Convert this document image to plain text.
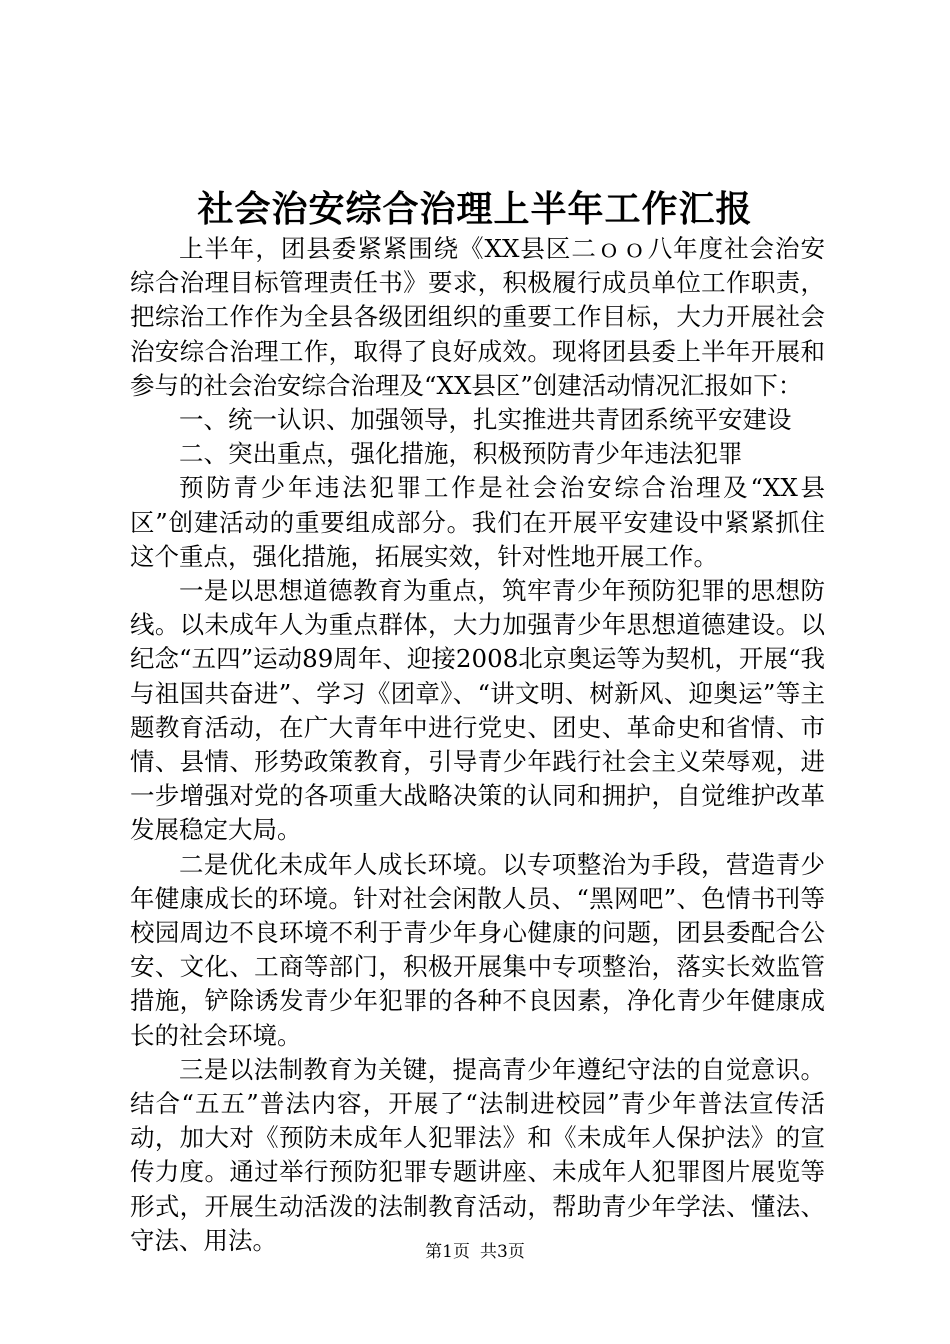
社会治安综合治理上半年工作汇报

上半年，团县委紧紧围绕《XX县区二ｏｏ八年度社会治安综合治理目标管理责任书》要求，积极履行成员单位工作职责，把综治工作作为全县各级团组织的重要工作目标，大力开展社会治安综合治理工作，取得了良好成效。现将团县委上半年开展和参与的社会治安综合治理及“XX县区”创建活动情况汇报如下：

一、统一认识、加强领导，扎实推进共青团系统平安建设

二、突出重点，强化措施，积极预防青少年违法犯罪

预防青少年违法犯罪工作是社会治安综合治理及“XX县区”创建活动的重要组成部分。我们在开展平安建设中紧紧抓住这个重点，强化措施，拓展实效，针对性地开展工作。

一是以思想道德教育为重点，筑牢青少年预防犯罪的思想防线。以未成年人为重点群体，大力加强青少年思想道德建设。以纪念“五四”运动89周年、迎接2008北京奥运等为契机，开展“我与祖国共奋进”、学习《团章》、“讲文明、树新风、迎奥运”等主题教育活动，在广大青年中进行党史、团史、革命史和省情、市情、县情、形势政策教育，引导青少年践行社会主义荣辱观，进一步增强对党的各项重大战略决策的认同和拥护，自觉维护改革发展稳定大局。

二是优化未成年人成长环境。以专项整治为手段，营造青少年健康成长的环境。针对社会闲散人员、“黑网吧”、色情书刊等校园周边不良环境不利于青少年身心健康的问题，团县委配合公安、文化、工商等部门，积极开展集中专项整治，落实长效监管措施，铲除诱发青少年犯罪的各种不良因素，净化青少年健康成长的社会环境。

三是以法制教育为关键，提高青少年遵纪守法的自觉意识。结合“五五”普法内容，开展了“法制进校园”青少年普法宣传活动，加大对《预防未成年人犯罪法》和《未成年人保护法》的宣传力度。通过举行预防犯罪专题讲座、未成年人犯罪图片展览等形式，开展生动活泼的法制教育活动，帮助青少年学法、懂法、守法、用法。	第1页 共3页
